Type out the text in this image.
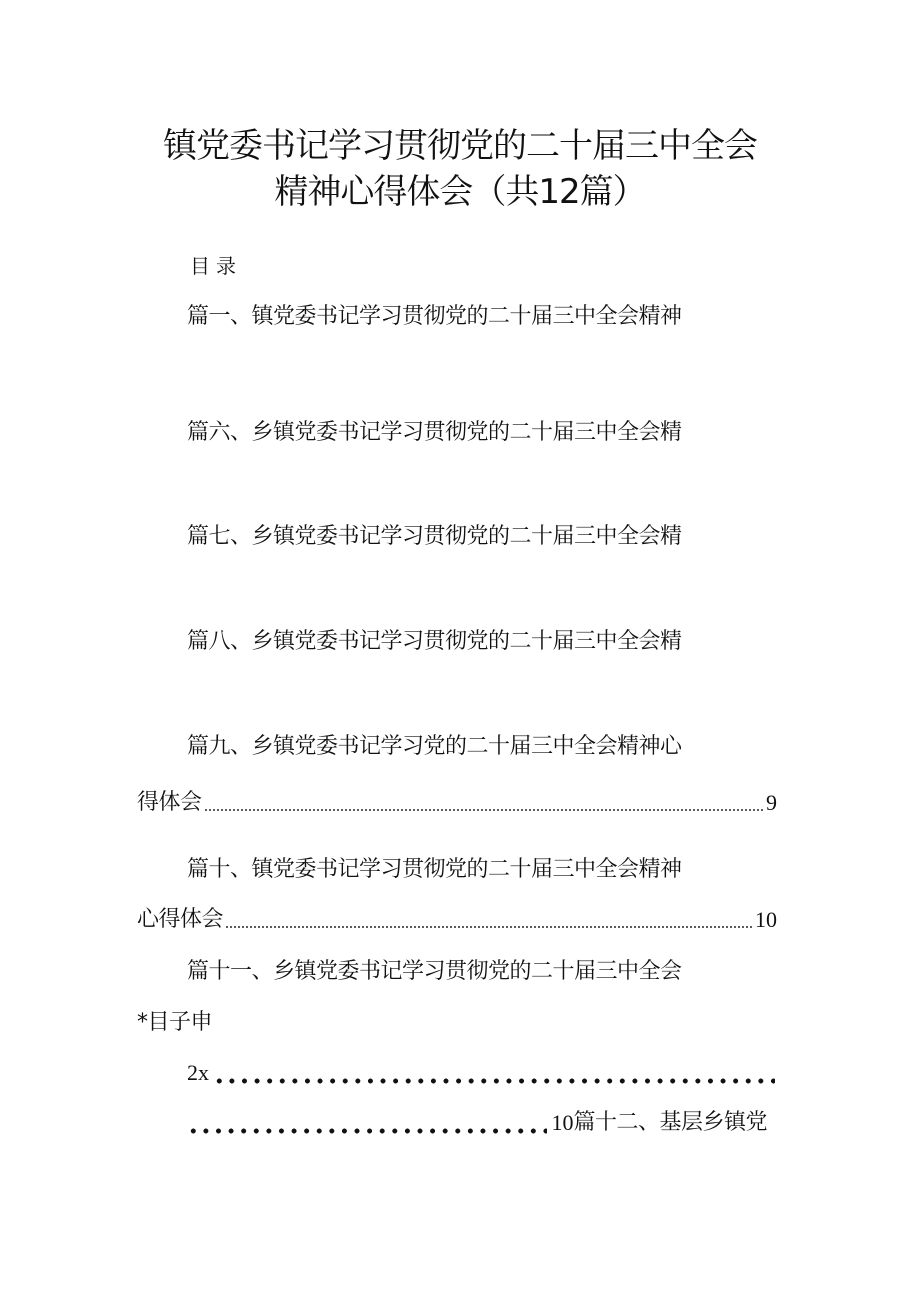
镇党委书记学习贯彻党的二十届三中全会
精神心得体会（共12篇）
目录
篇一、镇党委书记学习贯彻党的二十届三中全会精神
篇六、乡镇党委书记学习贯彻党的二十届三中全会精
篇七、乡镇党委书记学习贯彻党的二十届三中全会精
篇八、乡镇党委书记学习贯彻党的二十届三中全会精
篇九、乡镇党委书记学习党的二十届三中全会精神心
得体会	9
篇十、镇党委书记学习贯彻党的二十届三中全会精神
心得体会	10
篇十一、乡镇党委书记学习贯彻党的二十届三中全会
*目子申
2x
10 篇十二、基层乡镇党
